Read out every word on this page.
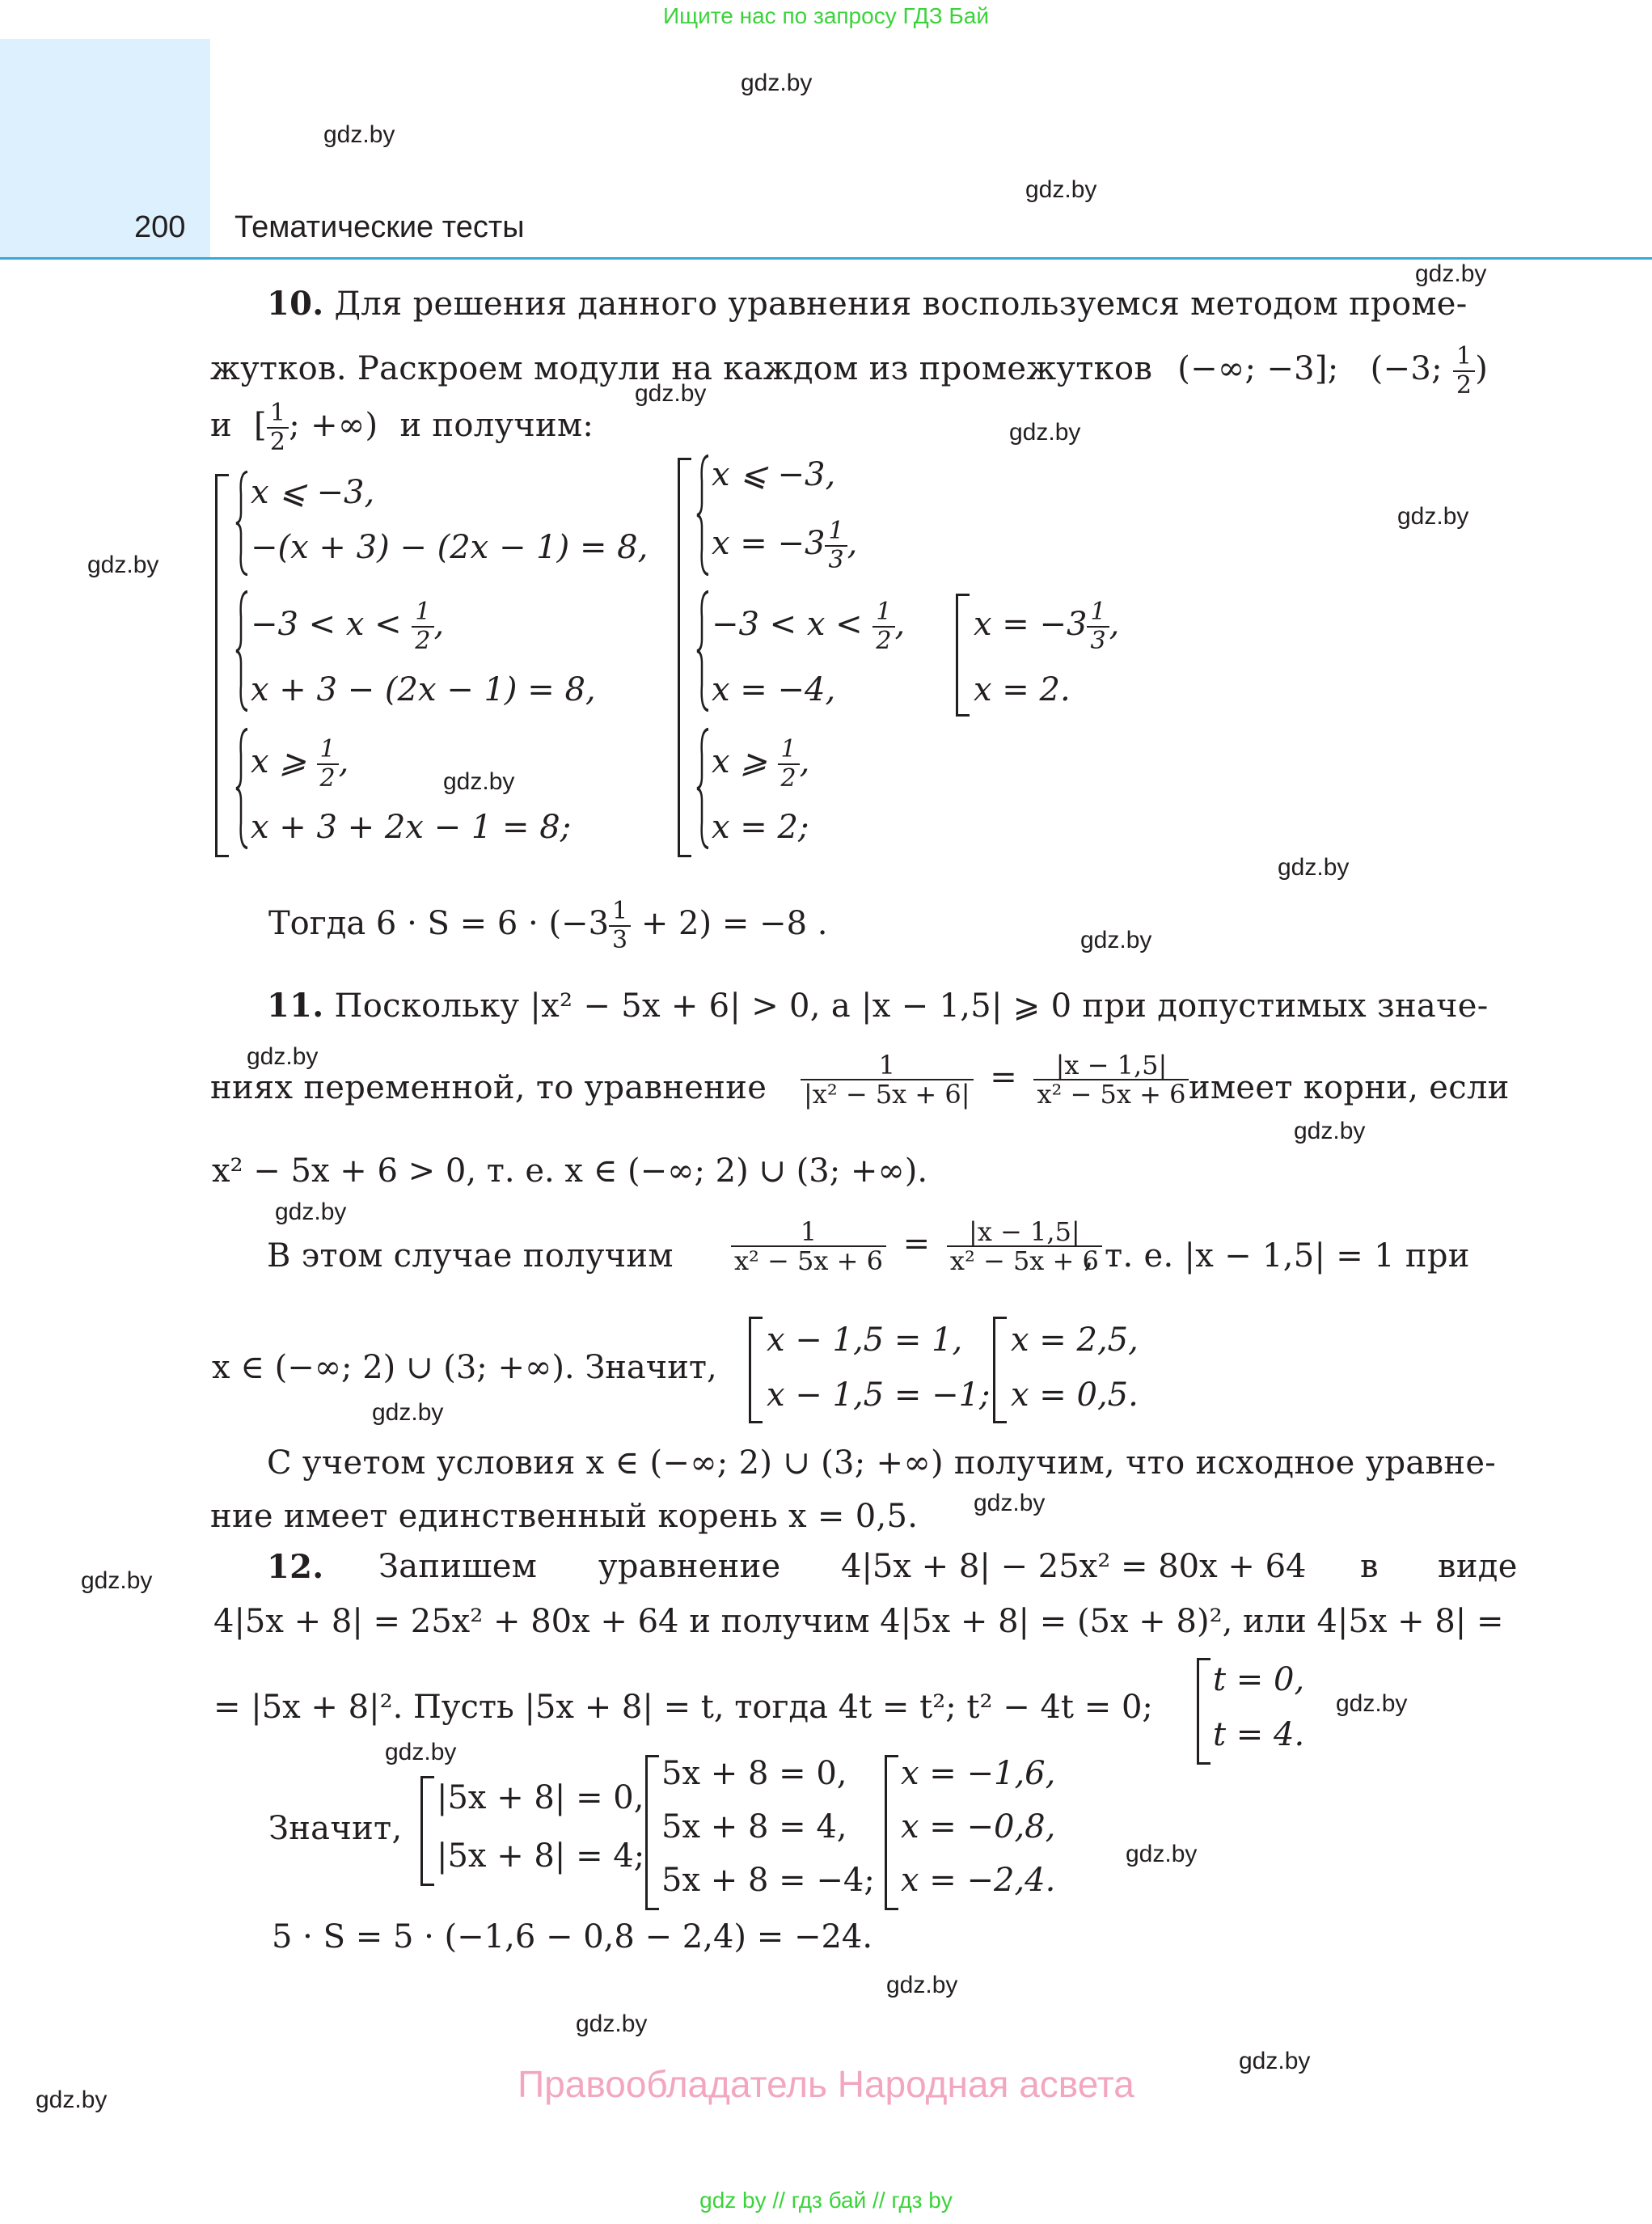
Ищите нас по запросу ГДЗ Бай
200 Тематические тесты
gdz.by
gdz.by
gdz.by
gdz.by
gdz.by
gdz.by
gdz.by
gdz.by
gdz.by
gdz.by
gdz.by
gdz.by
gdz.by
gdz.by
gdz.by
gdz.by
gdz.by
gdz.by
gdz.by
gdz.by
gdz.by
gdz.by
gdz.by
gdz.by
10. Для решения данного уравнения воспользуемся методом проме-
жутков. Раскроем модули на каждом из промежутков (−∞; −3]; (−3; $\frac{1}{2}$ )
и [ $\frac{1}{2}$ ; +∞) и получим:
x ⩽ −3,
−(x + 3) − (2x − 1) = 8,
$-3 < x < \frac{1}{2}$ ,
x + 3 − (2x − 1) = 8,
x ⩾ $\frac{1}{2}$ ,
x + 3 + 2x − 1 = 8;
x ⩽ −3,
$x = -3 \frac{1}{3}$ ,
$-3 < x < \frac{1}{2}$ ,
x = −4,
x ⩾ $\frac{1}{2}$ ,
x = 2;
$x = -3 \frac{1}{3}$ ,
x = 2.
Тогда $6 \cdot S = 6 \cdot (-3 \frac{1}{3} + 2) = -8$ .
11. Поскольку |x² − 5x + 6| > 0, а |x − 1,5| ⩾ 0 при допустимых значе-
ниях переменной, то уравнение $\frac{1}{\text{|x² − 5x + 6|}} = \frac{|x - 1,5|}{\text{x² − 5x + 6}}$ имеет корни, если
x² − 5x + 6 > 0, т. е. x ∈ (−∞; 2) ∪ (3; +∞).
В этом случае получим $\frac{1}{\text{x² − 5x + 6}} = \frac{|x - 1,5|}{\text{x² − 5x + 6}}$
, т. е. |x − 1,5| = 1 при
x ∈ (−∞; 2) ∪ (3; +∞). Значит,
x − 1,5 = 1,
x − 1,5 = −1;
x = 2,5,
x = 0,5.
С учетом условия x ∈ (−∞; 2) ∪ (3; +∞) получим, что исходное уравне-
ние имеет единственный корень x = 0,5.
12. Запишем уравнение 4|5x + 8| − 25x² = 80x + 64 в виде
4|5x + 8| = 25x² + 80x + 64 и получим 4|5x + 8| = (5x + 8)², или 4|5x + 8| =
= |5x + 8|². Пусть |5x + 8| = t, тогда 4t = t²; t² − 4t = 0;
t = 0,
t = 4.
Значит,
|5x + 8| = 0,
|5x + 8| = 4;
5x + 8 = 0,
5x + 8 = 4,
5x + 8 = −4;
x = −1,6,
x = −0,8,
x = −2,4.
5 · S = 5 · (−1,6 − 0,8 − 2,4) = −24.
Правообладатель Народная асвета
gdz by // гдз бай // гдз by
